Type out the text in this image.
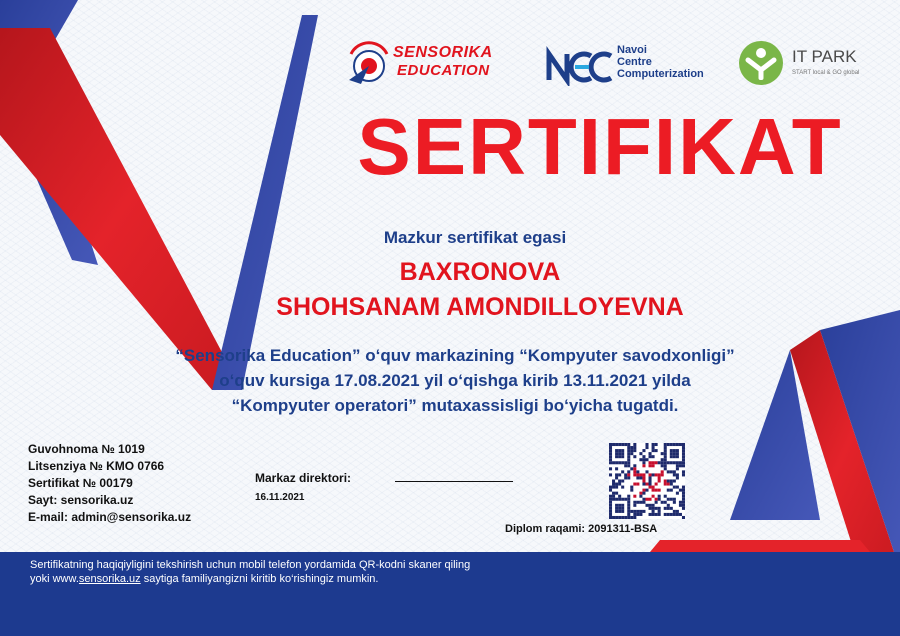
SENSORIKA
EDUCATION
Navoi
Centre
Computerization
IT PARK
START local & GO global
SERTIFIKAT
Mazkur sertifikat egasi
BAXRONOVA
SHOHSANAM AMONDILLOYEVNA
“Sensorika Education” o‘quv markazining “Kompyuter savodxonligi”
o‘quv kursiga 17.08.2021 yil o‘qishga kirib 13.11.2021 yilda
“Kompyuter operatori” mutaxassisligi bo‘yicha tugatdi.
Guvohnoma № 1019
Litsenziya № KMO 0766
Sertifikat № 00179
Sayt: sensorika.uz
E-mail: admin@sensorika.uz
Markaz direktori:
16.11.2021
Diplom raqami: 2091311-BSA
Sertifikatning haqiqiyligini tekshirish uchun mobil telefon yordamida QR-kodni skaner qiling
yoki www.sensorika.uz saytiga familiyangizni kiritib ko‘rishingiz mumkin.
